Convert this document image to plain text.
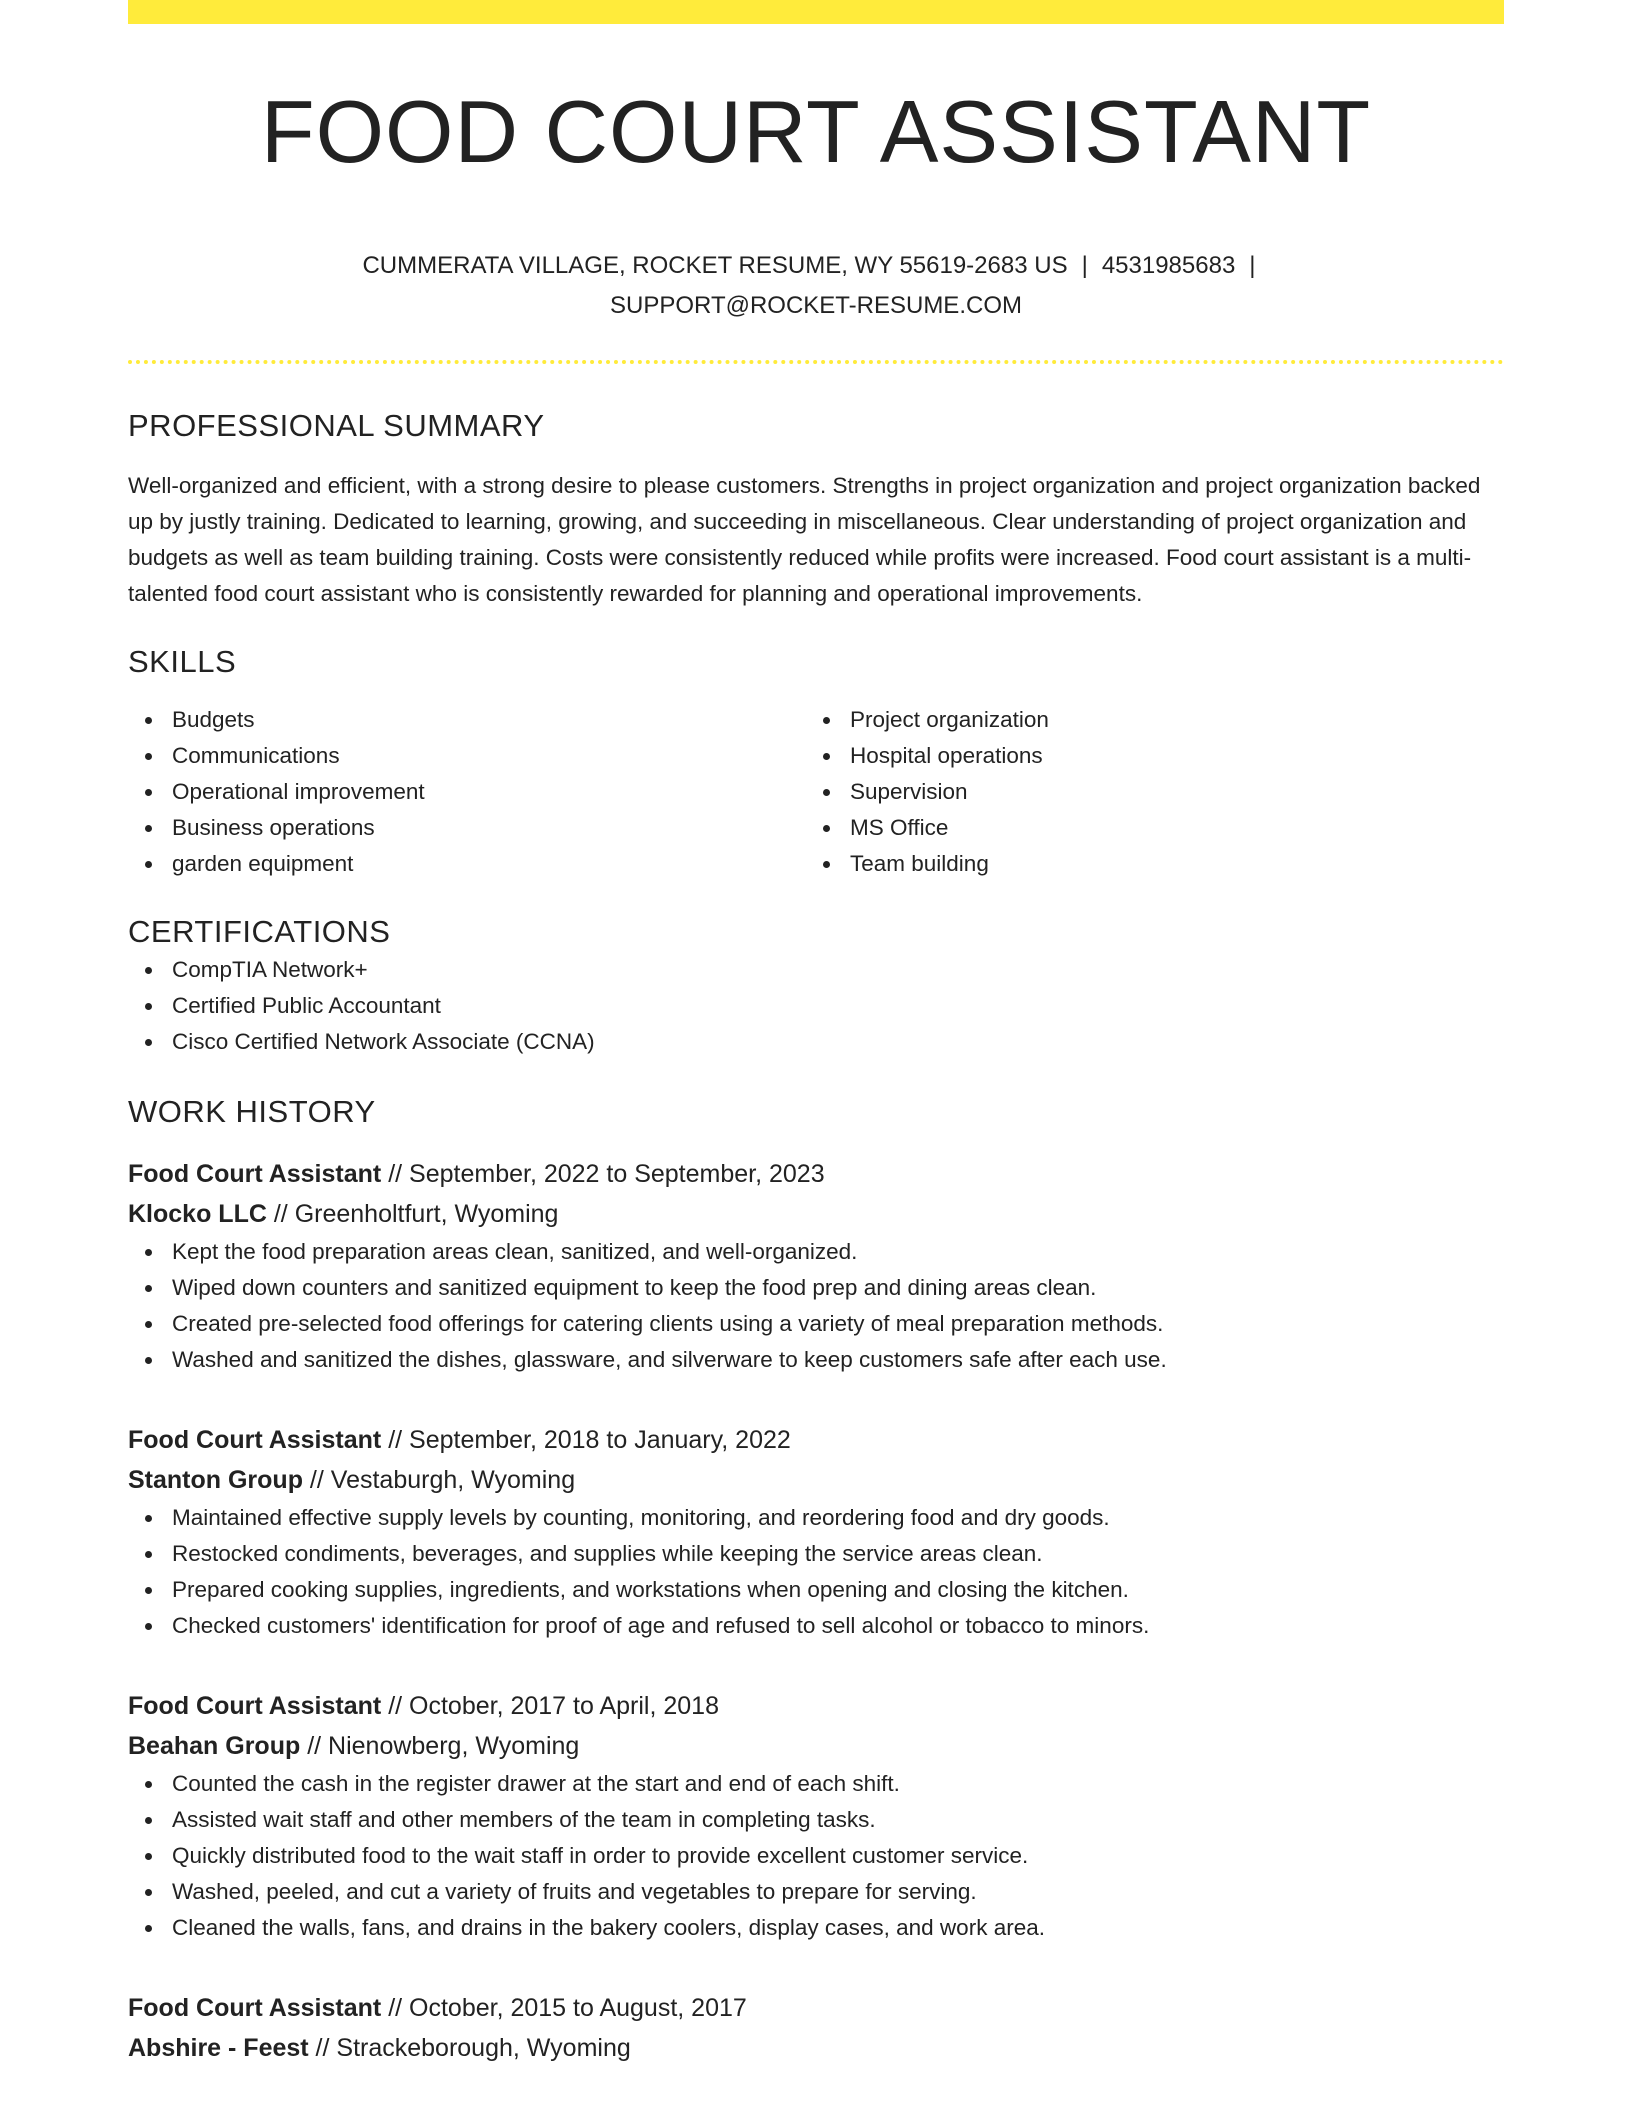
FOOD COURT ASSISTANT
CUMMERATA VILLAGE, ROCKET RESUME, WY 55619-2683 US | 4531985683 |
SUPPORT@ROCKET-RESUME.COM
PROFESSIONAL SUMMARY
Well-organized and efficient, with a strong desire to please customers. Strengths in project organization and project organization backed up by justly training. Dedicated to learning, growing, and succeeding in miscellaneous. Clear understanding of project organization and budgets as well as team building training. Costs were consistently reduced while profits were increased. Food court assistant is a multi-talented food court assistant who is consistently rewarded for planning and operational improvements.
SKILLS
Budgets
Communications
Operational improvement
Business operations
garden equipment
Project organization
Hospital operations
Supervision
MS Office
Team building
CERTIFICATIONS
CompTIA Network+
Certified Public Accountant
Cisco Certified Network Associate (CCNA)
WORK HISTORY
Food Court Assistant // September, 2022 to September, 2023
Klocko LLC // Greenholtfurt, Wyoming
Kept the food preparation areas clean, sanitized, and well-organized.
Wiped down counters and sanitized equipment to keep the food prep and dining areas clean.
Created pre-selected food offerings for catering clients using a variety of meal preparation methods.
Washed and sanitized the dishes, glassware, and silverware to keep customers safe after each use.
Food Court Assistant // September, 2018 to January, 2022
Stanton Group // Vestaburgh, Wyoming
Maintained effective supply levels by counting, monitoring, and reordering food and dry goods.
Restocked condiments, beverages, and supplies while keeping the service areas clean.
Prepared cooking supplies, ingredients, and workstations when opening and closing the kitchen.
Checked customers' identification for proof of age and refused to sell alcohol or tobacco to minors.
Food Court Assistant // October, 2017 to April, 2018
Beahan Group // Nienowberg, Wyoming
Counted the cash in the register drawer at the start and end of each shift.
Assisted wait staff and other members of the team in completing tasks.
Quickly distributed food to the wait staff in order to provide excellent customer service.
Washed, peeled, and cut a variety of fruits and vegetables to prepare for serving.
Cleaned the walls, fans, and drains in the bakery coolers, display cases, and work area.
Food Court Assistant // October, 2015 to August, 2017
Abshire - Feest // Strackeborough, Wyoming
